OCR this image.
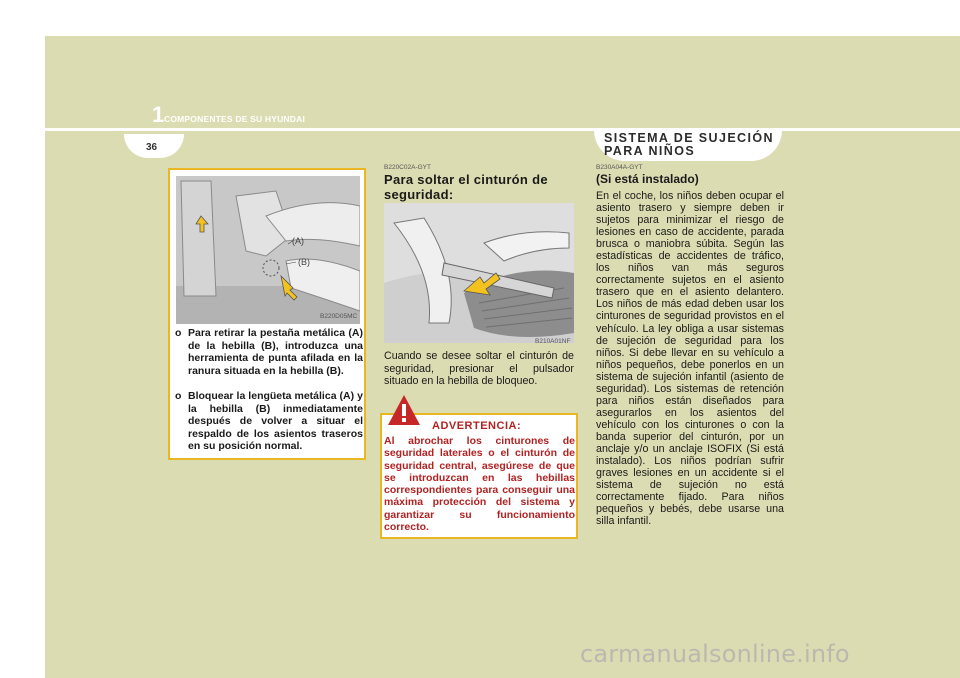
1 COMPONENTES DE SU HYUNDAI
36
SISTEMA DE SUJECIÓN PARA NIÑOS
(A)
(B)
B220D05MC
o Para retirar la pestaña metálica (A) de la hebilla (B), introduzca una herramienta de punta afilada en la ranura situada en la hebilla (B).
o Bloquear la lengüeta metálica (A) y la hebilla (B) inmediatamente después de volver a situar el respaldo de los asientos traseros en su posición normal.
B220C02A-GYT
Para soltar el cinturón de seguridad:
B210A01NF
Cuando se desee soltar el cinturón de seguridad, presionar el pulsador situado en la hebilla de bloqueo.
ADVERTENCIA:
Al abrochar los cinturones de seguridad laterales o el cinturón de seguridad central, asegúrese de que se introduzcan en las hebillas correspondientes para conseguir una máxima protección del sistema y garantizar su funcionamiento correcto.
B230A04A-GYT
(Si está instalado)
En el coche, los niños deben ocupar el asiento trasero y siempre deben ir sujetos para minimizar el riesgo de lesiones en caso de accidente, parada brusca o maniobra súbita. Según las estadísticas de accidentes de tráfico, los niños van más seguros correctamente sujetos en el asiento trasero que en el asiento delantero. Los niños de más edad deben usar los cinturones de seguridad provistos en el vehículo. La ley obliga a usar sistemas de sujeción de seguridad para los niños. Si debe llevar en su vehículo a niños pequeños, debe ponerlos en un sistema de sujeción infantil (asiento de seguridad). Los sistemas de retención para niños están diseñados para asegurarlos en los asientos del vehículo con los cinturones o con la banda superior del cinturón, por un anclaje y/o un anclaje ISOFIX (Si está instalado). Los niños podrían sufrir graves lesiones en un accidente si el sistema de sujeción no está correctamente fijado. Para niños pequeños y bebés, debe usarse una silla infantil.
carmanualsonline.info
